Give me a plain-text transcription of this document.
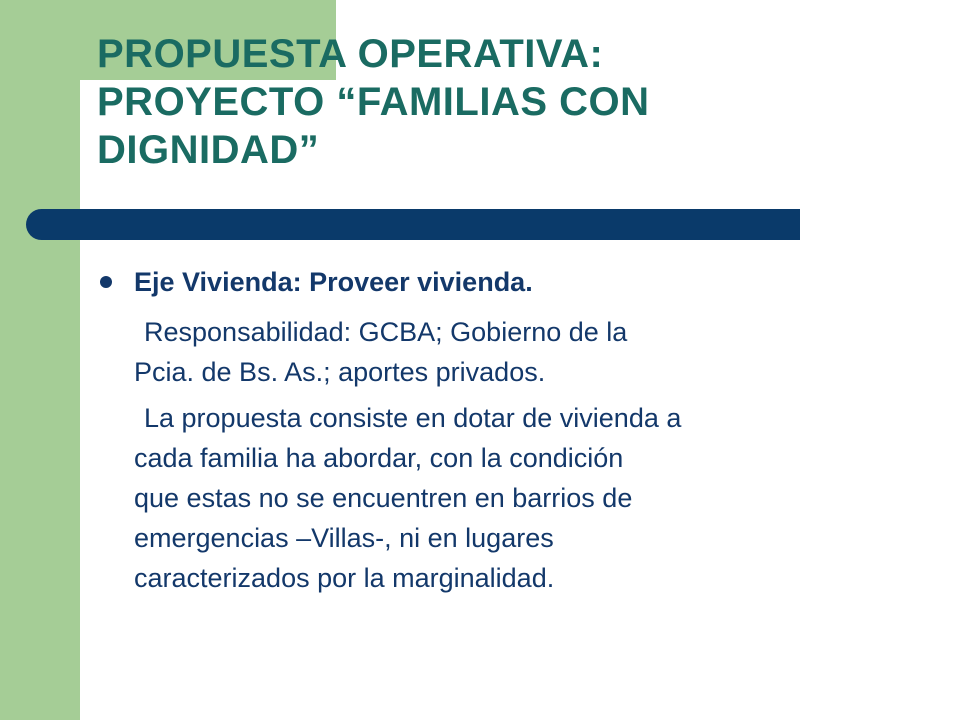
PROPUESTA OPERATIVA:
PROYECTO “FAMILIAS CON
DIGNIDAD”
Eje Vivienda: Proveer vivienda.

Responsabilidad: GCBA; Gobierno de la
Pcia. de Bs. As.; aportes privados.

La propuesta consiste en dotar de vivienda a
cada familia ha abordar, con la condición
que estas no se encuentren en barrios de
emergencias –Villas-, ni en lugares
caracterizados por la marginalidad.
